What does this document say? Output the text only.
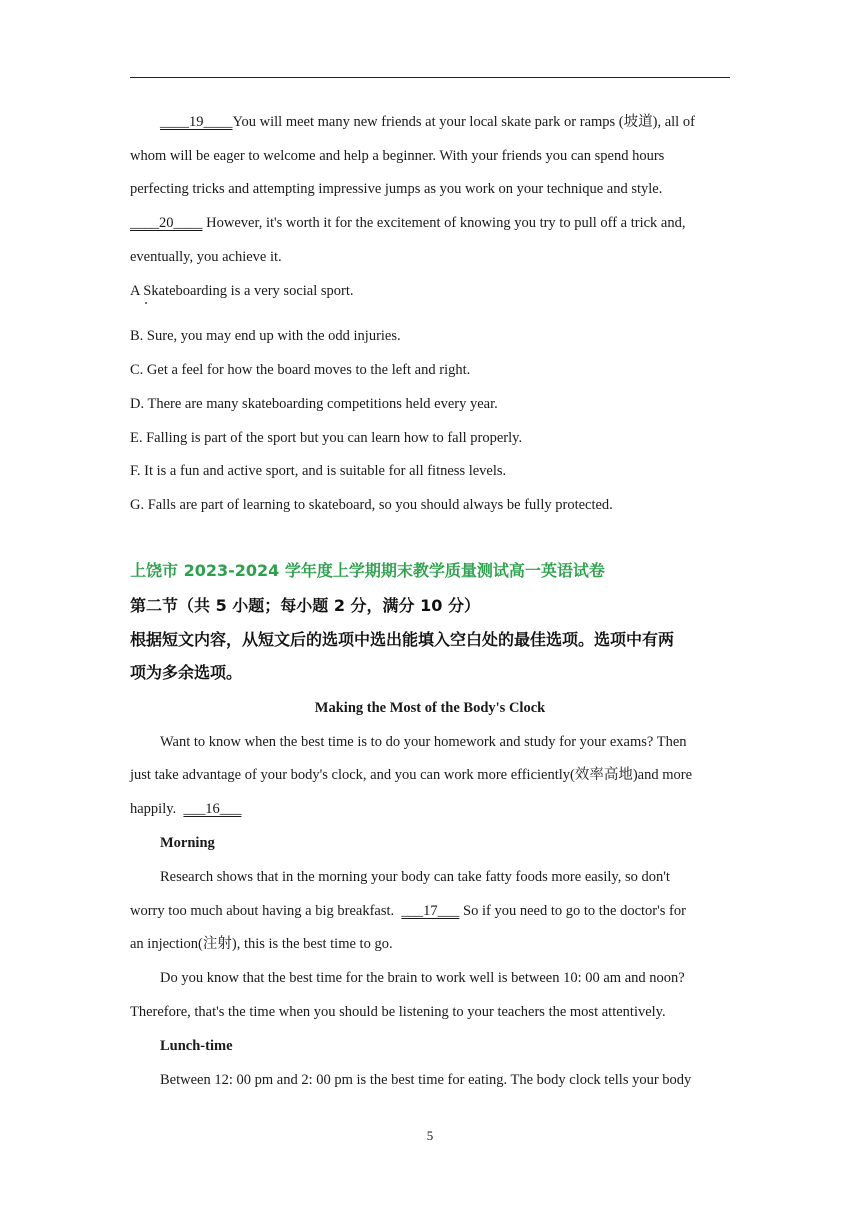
____19____You will meet many new friends at your local skate park or ramps (坡道), all of
whom will be eager to welcome and help a beginner. With your friends you can spend hours
perfecting tricks and attempting impressive jumps as you work on your technique and style.
____20____ However, it's worth it for the excitement of knowing you try to pull off a trick and,
eventually, you achieve it.
A Skateboarding is a very social sport.
B. Sure, you may end up with the odd injuries.
C. Get a feel for how the board moves to the left and right.
D. There are many skateboarding competitions held every year.
E. Falling is part of the sport but you can learn how to fall properly.
F. It is a fun and active sport, and is suitable for all fitness levels.
G. Falls are part of learning to skateboard, so you should always be fully protected.
上饶市 2023-2024 学年度上学期期末教学质量测试高一英语试卷
第二节（共 5 小题；每小题 2 分，满分 10 分）
根据短文内容，从短文后的选项中选出能填入空白处的最佳选项。选项中有两
项为多余选项。
Making the Most of the Body's Clock
Want to know when the best time is to do your homework and study for your exams? Then
just take advantage of your body's clock, and you can work more efficiently(效率高地)and more
happily. ___16___
Morning
Research shows that in the morning your body can take fatty foods more easily, so don't
worry too much about having a big breakfast. ___17___ So if you need to go to the doctor's for
an injection(注射), this is the best time to go.
Do you know that the best time for the brain to work well is between 10: 00 am and noon?
Therefore, that's the time when you should be listening to your teachers the most attentively.
Lunch-time
Between 12: 00 pm and 2: 00 pm is the best time for eating. The body clock tells your body
5
